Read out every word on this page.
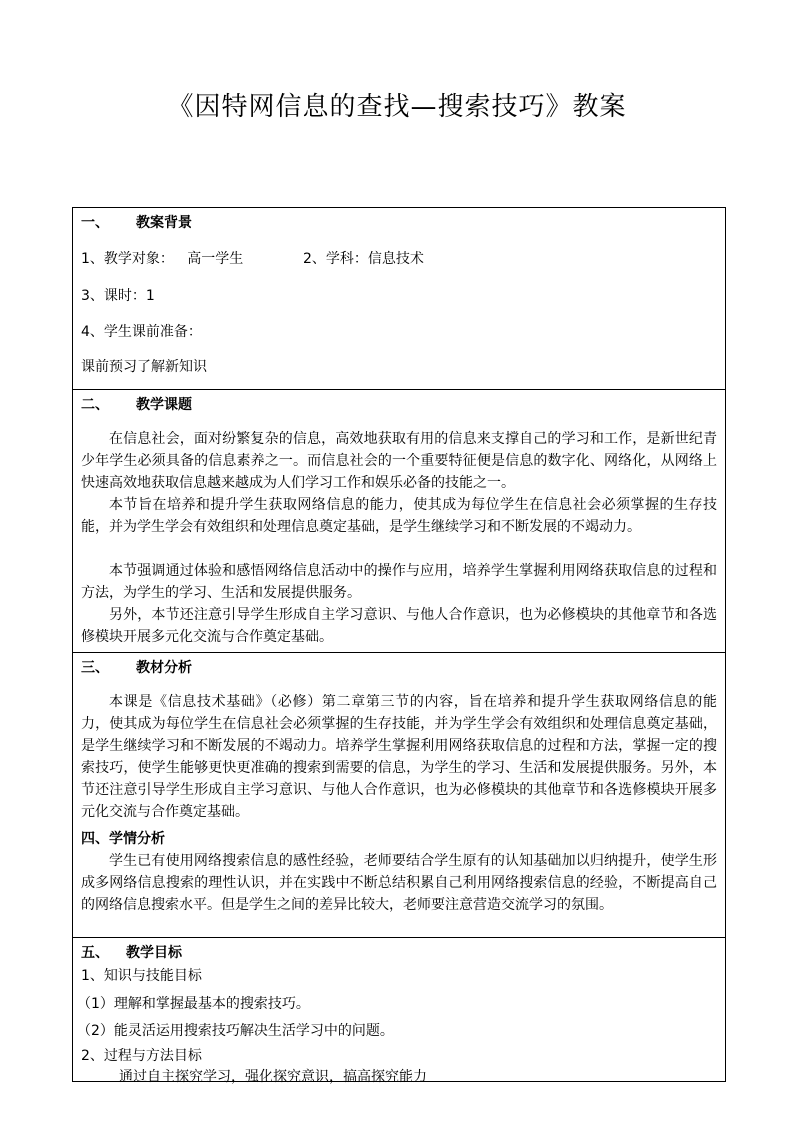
《因特网信息的查找—搜索技巧》教案
一、 教案背景
1、教学对象： 高一学生	2、学科：信息技术
3、课时：1
4、学生课前准备：
课前预习了解新知识
二、 教学课题

在信息社会，面对纷繁复杂的信息，高效地获取有用的信息来支撑自己的学习和工作，是新世纪青少年学生必须具备的信息素养之一。而信息社会的一个重要特征便是信息的数字化、网络化，从网络上快速高效地获取信息越来越成为人们学习工作和娱乐必备的技能之一。

本节旨在培养和提升学生获取网络信息的能力，使其成为每位学生在信息社会必须掌握的生存技能，并为学生学会有效组织和处理信息奠定基础，是学生继续学习和不断发展的不竭动力。

本节强调通过体验和感悟网络信息活动中的操作与应用，培养学生掌握利用网络获取信息的过程和方法，为学生的学习、生活和发展提供服务。

另外，本节还注意引导学生形成自主学习意识、与他人合作意识，也为必修模块的其他章节和各选修模块开展多元化交流与合作奠定基础。

三、 教材分析

本课是《信息技术基础》（必修）第二章第三节的内容，旨在培养和提升学生获取网络信息的能力，使其成为每位学生在信息社会必须掌握的生存技能，并为学生学会有效组织和处理信息奠定基础，是学生继续学习和不断发展的不竭动力。培养学生掌握利用网络获取信息的过程和方法，掌握一定的搜索技巧，使学生能够更快更准确的搜索到需要的信息，为学生的学习、生活和发展提供服务。另外，本节还注意引导学生形成自主学习意识、与他人合作意识，也为必修模块的其他章节和各选修模块开展多元化交流与合作奠定基础。

四、学情分析

学生已有使用网络搜索信息的感性经验，老师要结合学生原有的认知基础加以归纳提升，使学生形成多网络信息搜索的理性认识，并在实践中不断总结积累自己利用网络搜索信息的经验，不断提高自己的网络信息搜索水平。但是学生之间的差异比较大，老师要注意营造交流学习的氛围。

五、 教学目标
1、知识与技能目标
（1）理解和掌握最基本的搜索技巧。
（2）能灵活运用搜索技巧解决生活学习中的问题。
2、过程与方法目标
通过自主探究学习，强化探究意识，搞高探究能力
